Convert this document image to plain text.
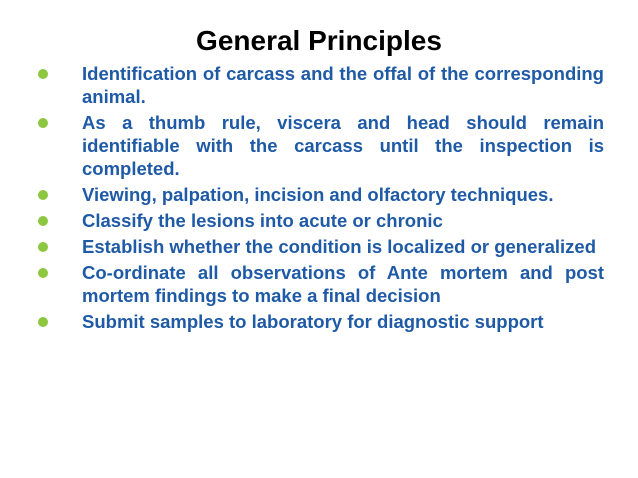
General Principles
Identification of carcass and the offal of the corresponding animal.
As a thumb rule, viscera and head should remain identifiable with the carcass until the inspection is completed.
Viewing, palpation, incision and olfactory techniques.
Classify the lesions into acute or chronic
Establish whether the condition is localized or generalized
Co-ordinate all observations of Ante mortem and post mortem findings to make a final decision
Submit samples to laboratory for diagnostic support
